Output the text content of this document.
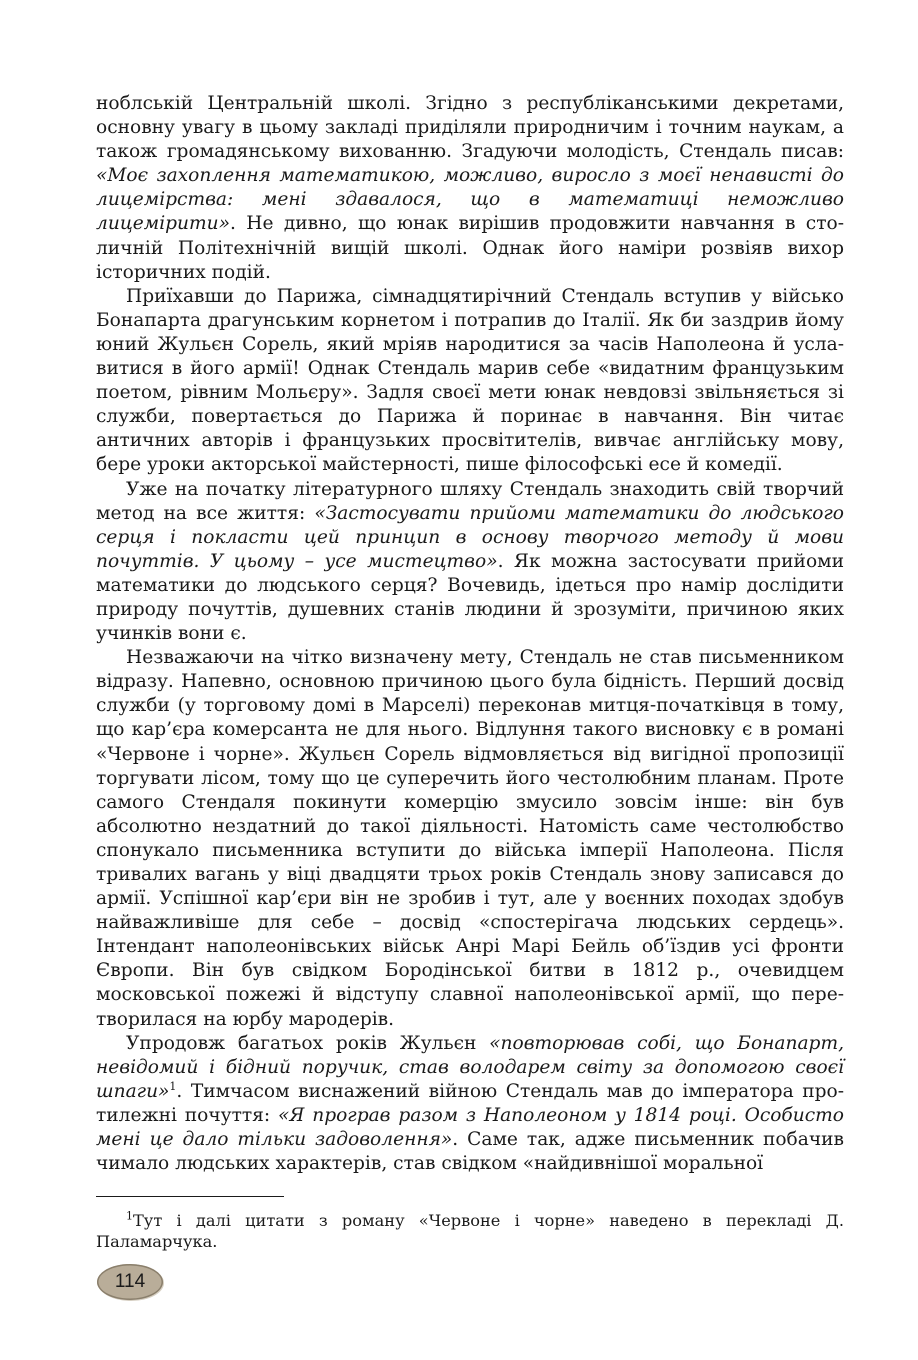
ноблськiй Центральнiй школi. Згiдно з республiканськими декретами, основну увагу в цьому закладi придiляли природничим i точним наукам, а також громадянському вихованню. Згадуючи молодiсть, Стендаль писав: «Моє захоплення математикою, можливо, виросло з моєї ненавистi до лицемiрства: менi здавалося, що в математицi неможливо лицемiрити». Не дивно, що юнак вирiшив продовжити навчання в столичнiй Полiтехнiчнiй вищiй школi. Однак його намiри розвiяв вихор iсторичних подiй.

Приїхавши до Парижа, сiмнадцятирiчний Стендаль вступив у вiйсько Бонапарта драгунським корнетом i потрапив до Iталiї. Як би заздрив йому юний Жульєн Сорель, який мрiяв народитися за часiв Наполеона й уславитися в його армiї! Однак Стендаль марив себе «видатним французьким поетом, рiвним Мольєру». Задля своєї мети юнак невдовзi звiльняється зi служби, повертається до Парижа й поринає в навчання. Вiн читає античних авторiв i французьких просвiтителiв, вивчає англiйську мову, бере уроки акторської майстерностi, пише фiлософськi есе й комедiї.

Уже на початку лiтературного шляху Стендаль знаходить свiй творчий метод на все життя: «Застосувати прийоми математики до людського серця i покласти цей принцип в основу творчого методу й мови почуттiв. У цьому – усе мистецтво». Як можна застосувати прийоми математики до людського серця? Вочевидь, iдеться про намiр дослiдити природу почуттiв, душевних станiв людини й зрозумiти, причиною яких учинкiв вони є.

Незважаючи на чiтко визначену мету, Стендаль не став письменником вiдразу. Напевно, основною причиною цього була бiднiсть. Перший досвiд служби (у торговому домi в Марселi) переконав митця-початкiвця в тому, що кар’єра комерсанта не для нього. Вiдлуння такого висновку є в романi «Червоне i чорне». Жульєн Сорель вiдмовляється вiд вигiдної пропозицiї торгувати лiсом, тому що це суперечить його честолюбним планам. Проте самого Стендаля покинути комерцiю змусило зовсiм iнше: вiн був абсолютно нездатний до такої дiяльностi. Натомiсть саме честолюбство спонукало письменника вступити до вiйська iмперiї Наполеона. Пiсля тривалих вагань у вiцi двадцяти трьох рокiв Стендаль знову записався до армiї. Успiшної кар’єри вiн не зробив i тут, але у воєнних походах здобув найважливiше для себе – досвiд «спостерiгача людських сердець». Iнтендант наполеонiвських вiйськ Анрi Марi Бейль об’їздив усi фронти Європи. Вiн був свiдком Бородiнської битви в 1812 р., очевидцем московської пожежi й вiдступу славної наполеонiвської армiї, що перетворилася на юрбу мародерiв.

Упродовж багатьох рокiв Жульєн «повторював собi, що Бонапарт, невiдомий i бiдний поручик, став володарем свiту за допомогою своєї шпаги»$^1$. Тимчасом виснажений вiйною Стендаль мав до iмператора протилежнi почуття: «Я програв разом з Наполеоном у 1814 роцi. Особисто менi це дало тiльки задоволення». Саме так, адже письменник побачив чимало людських характерiв, став свiдком «найдивнiшої моральної

$^1$Тут i далi цитати з роману «Червоне i чорне» наведено в перекладi Д. Паламарчука.
114
